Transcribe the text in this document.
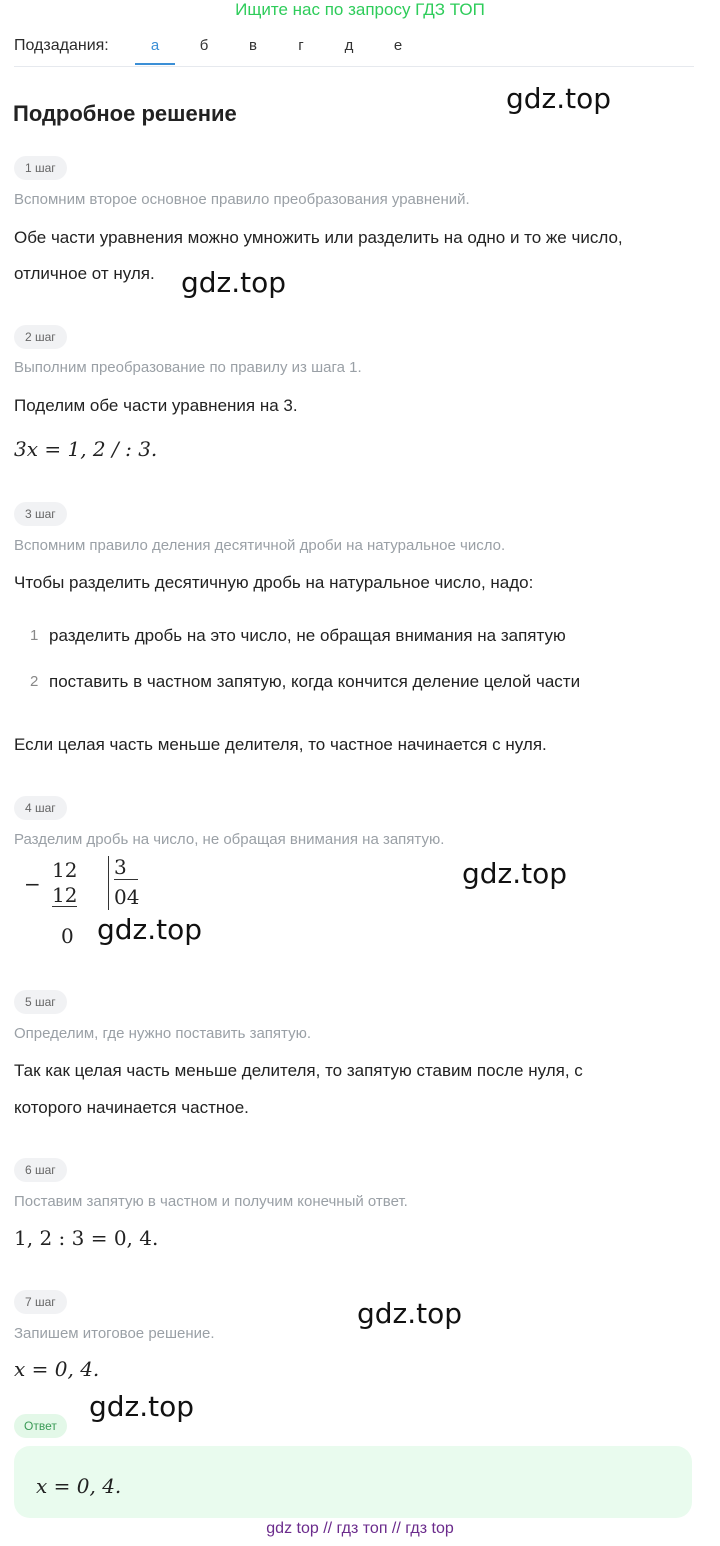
Ищите нас по запросу ГДЗ ТОП
Подзадания:	а	б	в	г	д	е
Подробное решение	gdz.top
gdz.top
gdz.top
gdz.top
gdz.top
gdz.top
1 шаг
Вспомним второе основное правило преобразования уравнений.
Обе части уравнения можно умножить или разделить на одно и то же число,
отличное от нуля.
2 шаг
Выполним преобразование по правилу из шага 1.
Поделим обе части уравнения на 3.
3x = 1, 2 / : 3.
3 шаг
Вспомним правило деления десятичной дроби на натуральное число.
Чтобы разделить десятичную дробь на натуральное число, надо:
1 разделить дробь на это число, не обращая внимания на запятую
2 поставить в частном запятую, когда кончится деление целой части
Если целая часть меньше делителя, то частное начинается с нуля.
4 шаг
Разделим дробь на число, не обращая внимания на запятую.
−
12
12
0
3
04
5 шаг
Определим, где нужно поставить запятую.
Так как целая часть меньше делителя, то запятую ставим после нуля, с
которого начинается частное.
6 шаг
Поставим запятую в частном и получим конечный ответ.
1, 2 : 3 = 0, 4.
7 шаг
Запишем итоговое решение.
x = 0, 4.
Ответ
x = 0, 4.
gdz top // гдз топ // гдз top
